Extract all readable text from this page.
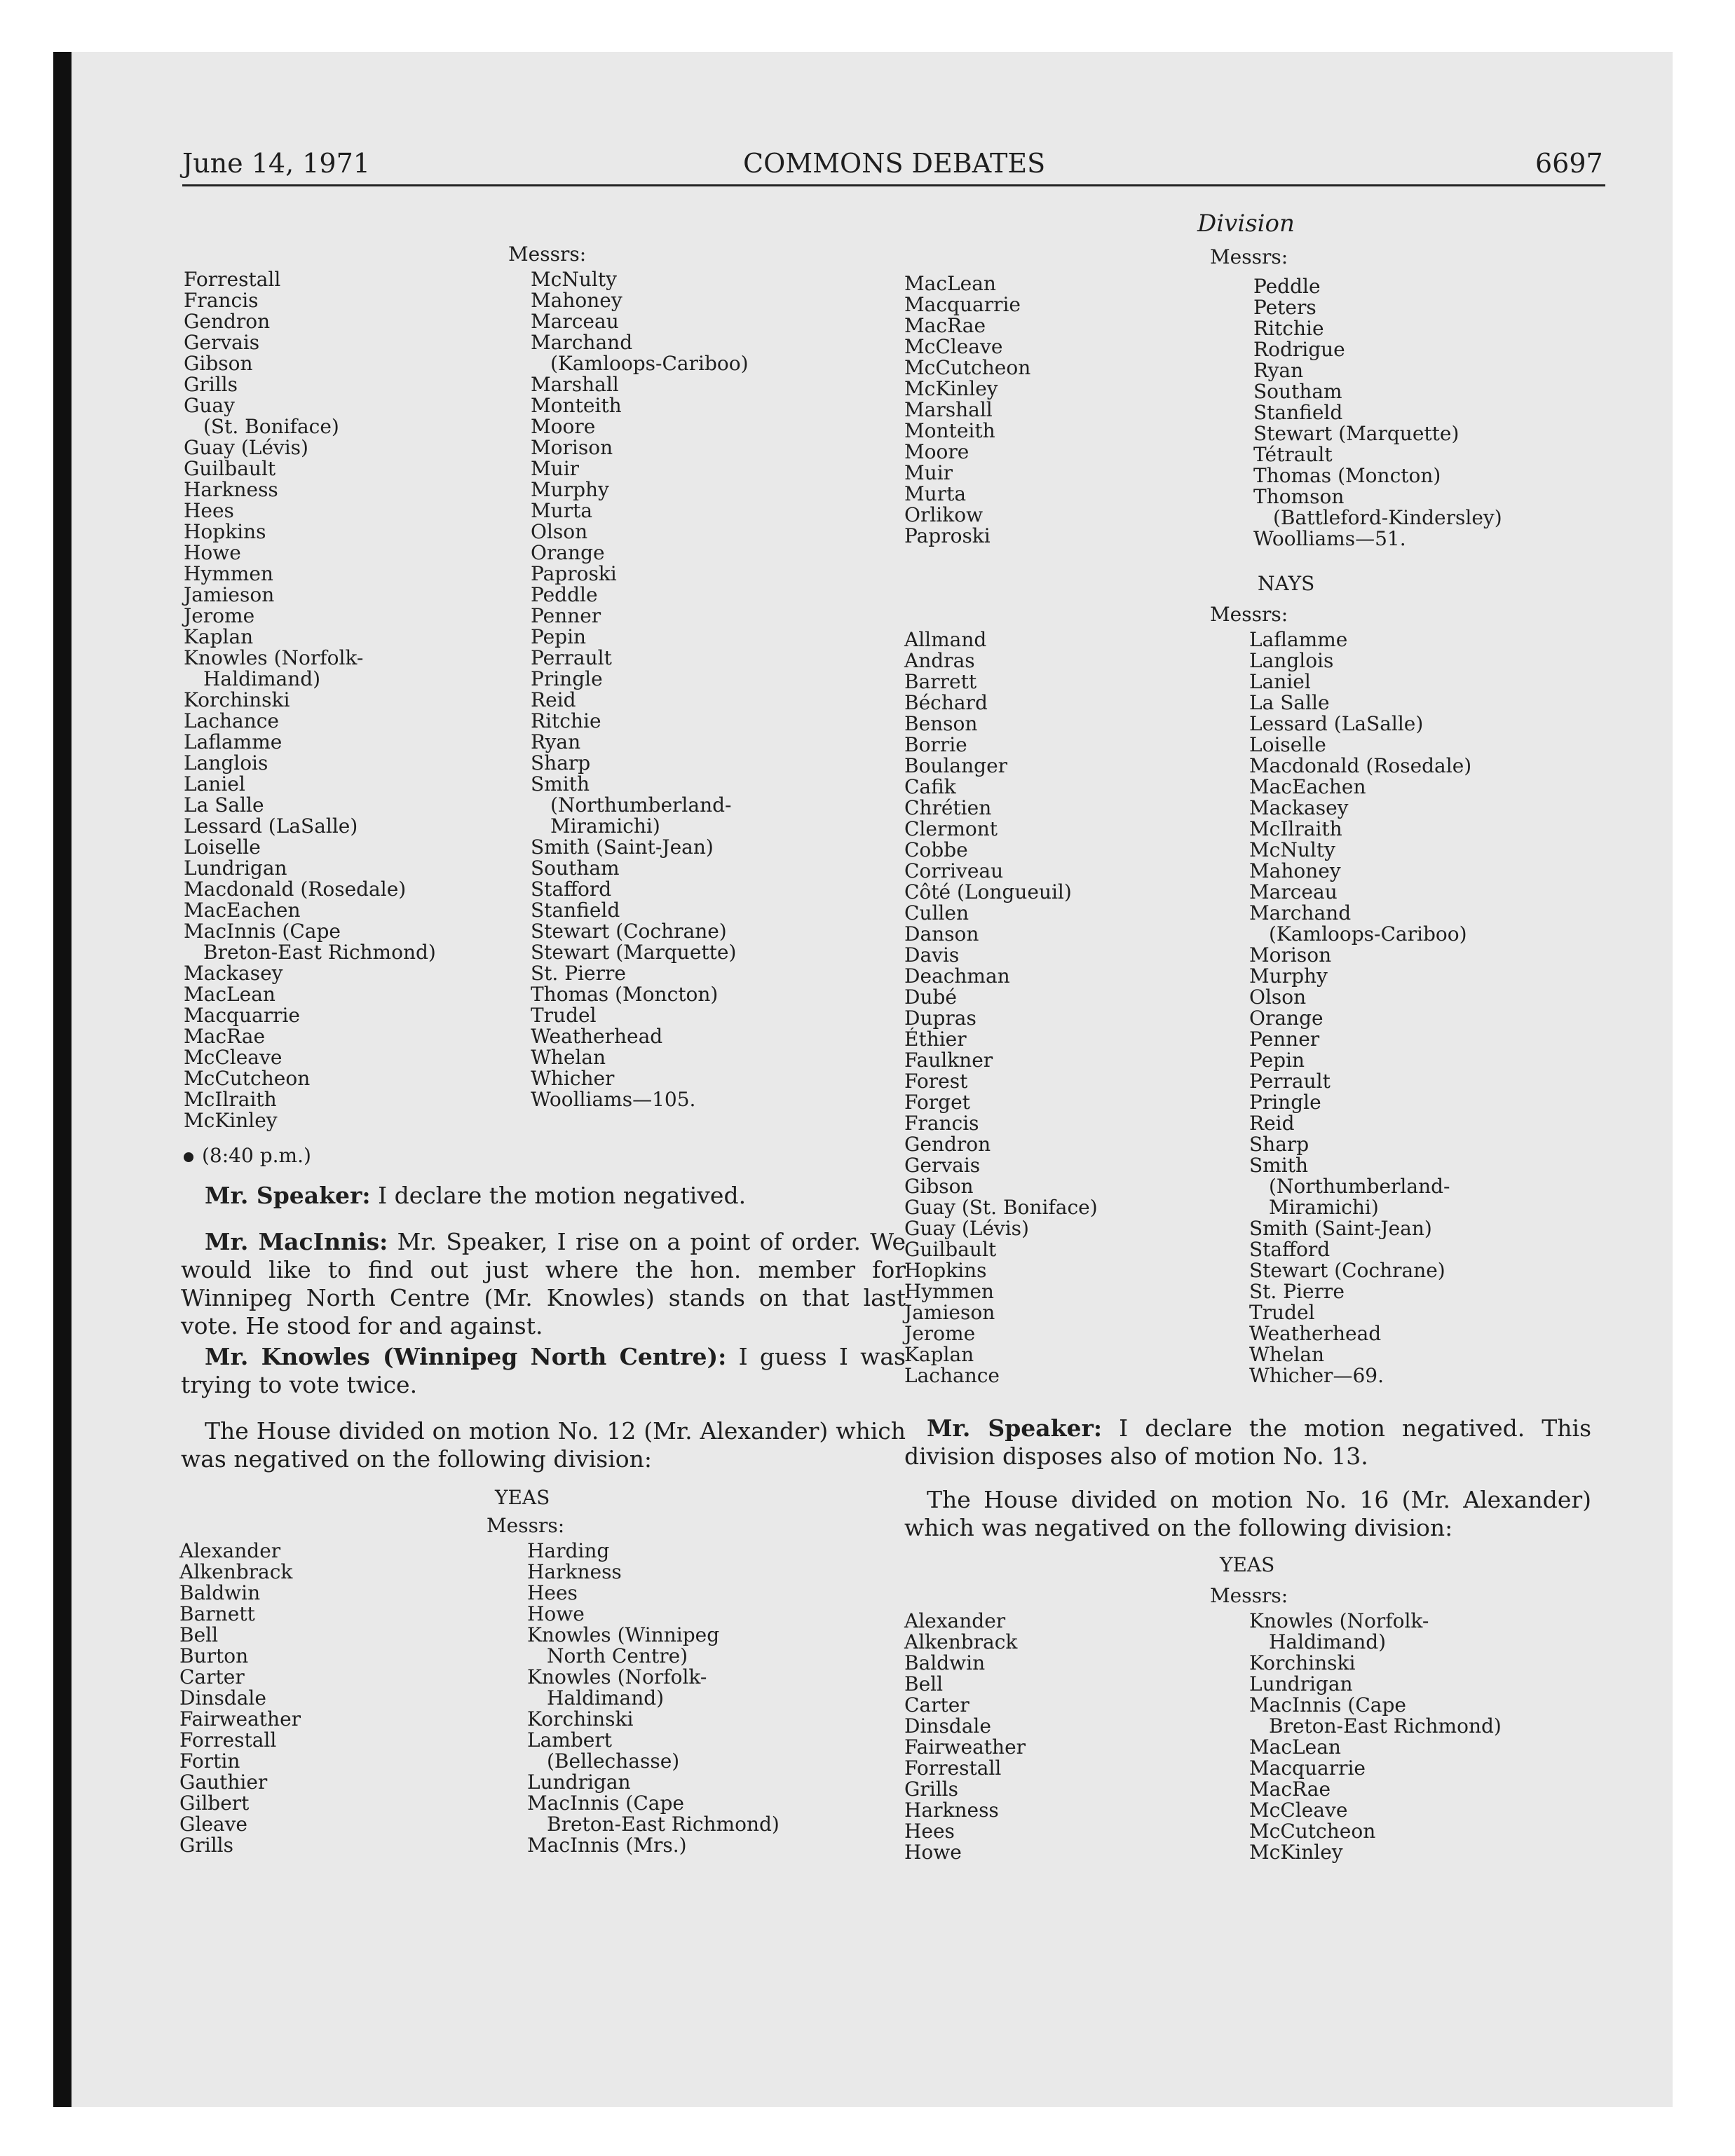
June 14, 1971	COMMONS DEBATES	6697
Messrs:
Forrestall
Francis
Gendron
Gervais
Gibson
Grills
Guay
(St. Boniface)
Guay (Lévis)
Guilbault
Harkness
Hees
Hopkins
Howe
Hymmen
Jamieson
Jerome
Kaplan
Knowles (Norfolk-
Haldimand)
Korchinski
Lachance
Laflamme
Langlois
Laniel
La Salle
Lessard (LaSalle)
Loiselle
Lundrigan
Macdonald (Rosedale)
MacEachen
MacInnis (Cape
Breton-East Richmond)
Mackasey
MacLean
Macquarrie
MacRae
McCleave
McCutcheon
McIlraith
McKinley
McNulty
Mahoney
Marceau
Marchand
(Kamloops-Cariboo)
Marshall
Monteith
Moore
Morison
Muir
Murphy
Murta
Olson
Orange
Paproski
Peddle
Penner
Pepin
Perrault
Pringle
Reid
Ritchie
Ryan
Sharp
Smith
(Northumberland-
Miramichi)
Smith (Saint-Jean)
Southam
Stafford
Stanfield
Stewart (Cochrane)
Stewart (Marquette)
St. Pierre
Thomas (Moncton)
Trudel
Weatherhead
Whelan
Whicher
Woolliams—105.
(8:40 p.m.)
Mr. Speaker: I declare the motion negatived.
Mr. MacInnis: Mr. Speaker, I rise on a point of order. We would like to find out just where the hon. member for Winnipeg North Centre (Mr. Knowles) stands on that last vote. He stood for and against.
Mr. Knowles (Winnipeg North Centre): I guess I was trying to vote twice.
The House divided on motion No. 12 (Mr. Alexander) which was negatived on the following division:
YEAS
Messrs:
Alexander
Alkenbrack
Baldwin
Barnett
Bell
Burton
Carter
Dinsdale
Fairweather
Forrestall
Fortin
Gauthier
Gilbert
Gleave
Grills
Harding
Harkness
Hees
Howe
Knowles (Winnipeg
North Centre)
Knowles (Norfolk-
Haldimand)
Korchinski
Lambert
(Bellechasse)
Lundrigan
MacInnis (Cape
Breton-East Richmond)
MacInnis (Mrs.)
Division
Messrs:
MacLean
Macquarrie
MacRae
McCleave
McCutcheon
McKinley
Marshall
Monteith
Moore
Muir
Murta
Orlikow
Paproski
Peddle
Peters
Ritchie
Rodrigue
Ryan
Southam
Stanfield
Stewart (Marquette)
Tétrault
Thomas (Moncton)
Thomson
(Battleford-Kindersley)
Woolliams—51.
NAYS
Messrs:
Allmand
Andras
Barrett
Béchard
Benson
Borrie
Boulanger
Cafik
Chrétien
Clermont
Cobbe
Corriveau
Côté (Longueuil)
Cullen
Danson
Davis
Deachman
Dubé
Dupras
Éthier
Faulkner
Forest
Forget
Francis
Gendron
Gervais
Gibson
Guay (St. Boniface)
Guay (Lévis)
Guilbault
Hopkins
Hymmen
Jamieson
Jerome
Kaplan
Lachance
Laflamme
Langlois
Laniel
La Salle
Lessard (LaSalle)
Loiselle
Macdonald (Rosedale)
MacEachen
Mackasey
McIlraith
McNulty
Mahoney
Marceau
Marchand
(Kamloops-Cariboo)
Morison
Murphy
Olson
Orange
Penner
Pepin
Perrault
Pringle
Reid
Sharp
Smith
(Northumberland-
Miramichi)
Smith (Saint-Jean)
Stafford
Stewart (Cochrane)
St. Pierre
Trudel
Weatherhead
Whelan
Whicher—69.
Mr. Speaker: I declare the motion negatived. This division disposes also of motion No. 13.
The House divided on motion No. 16 (Mr. Alexander) which was negatived on the following division:
YEAS
Messrs:
Alexander
Alkenbrack
Baldwin
Bell
Carter
Dinsdale
Fairweather
Forrestall
Grills
Harkness
Hees
Howe
Knowles (Norfolk-
Haldimand)
Korchinski
Lundrigan
MacInnis (Cape
Breton-East Richmond)
MacLean
Macquarrie
MacRae
McCleave
McCutcheon
McKinley
